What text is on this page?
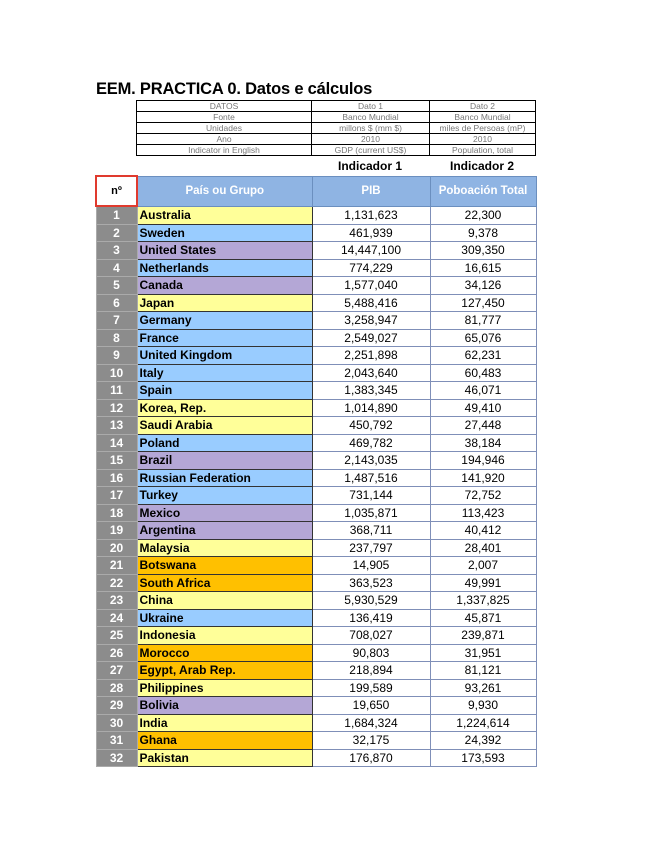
EEM. PRACTICA 0. Datos e cálculos
DATOS	Dato 1	Dato 2
Fonte	Banco Mundial	Banco Mundial
Unidades	millons $ (mm $)	miles de Persoas (mP)
Ano	2010	2010
Indicator in English	GDP (current US$)	Population, total
Indicador 1	Indicador 2
nº	País ou Grupo	PIB	Poboación Total
1	Australia	1,131,623	22,300
2	Sweden	461,939	9,378
3	United States	14,447,100	309,350
4	Netherlands	774,229	16,615
5	Canada	1,577,040	34,126
6	Japan	5,488,416	127,450
7	Germany	3,258,947	81,777
8	France	2,549,027	65,076
9	United Kingdom	2,251,898	62,231
10	Italy	2,043,640	60,483
11	Spain	1,383,345	46,071
12	Korea, Rep.	1,014,890	49,410
13	Saudi Arabia	450,792	27,448
14	Poland	469,782	38,184
15	Brazil	2,143,035	194,946
16	Russian Federation	1,487,516	141,920
17	Turkey	731,144	72,752
18	Mexico	1,035,871	113,423
19	Argentina	368,711	40,412
20	Malaysia	237,797	28,401
21	Botswana	14,905	2,007
22	South Africa	363,523	49,991
23	China	5,930,529	1,337,825
24	Ukraine	136,419	45,871
25	Indonesia	708,027	239,871
26	Morocco	90,803	31,951
27	Egypt, Arab Rep.	218,894	81,121
28	Philippines	199,589	93,261
29	Bolivia	19,650	9,930
30	India	1,684,324	1,224,614
31	Ghana	32,175	24,392
32	Pakistan	176,870	173,593
